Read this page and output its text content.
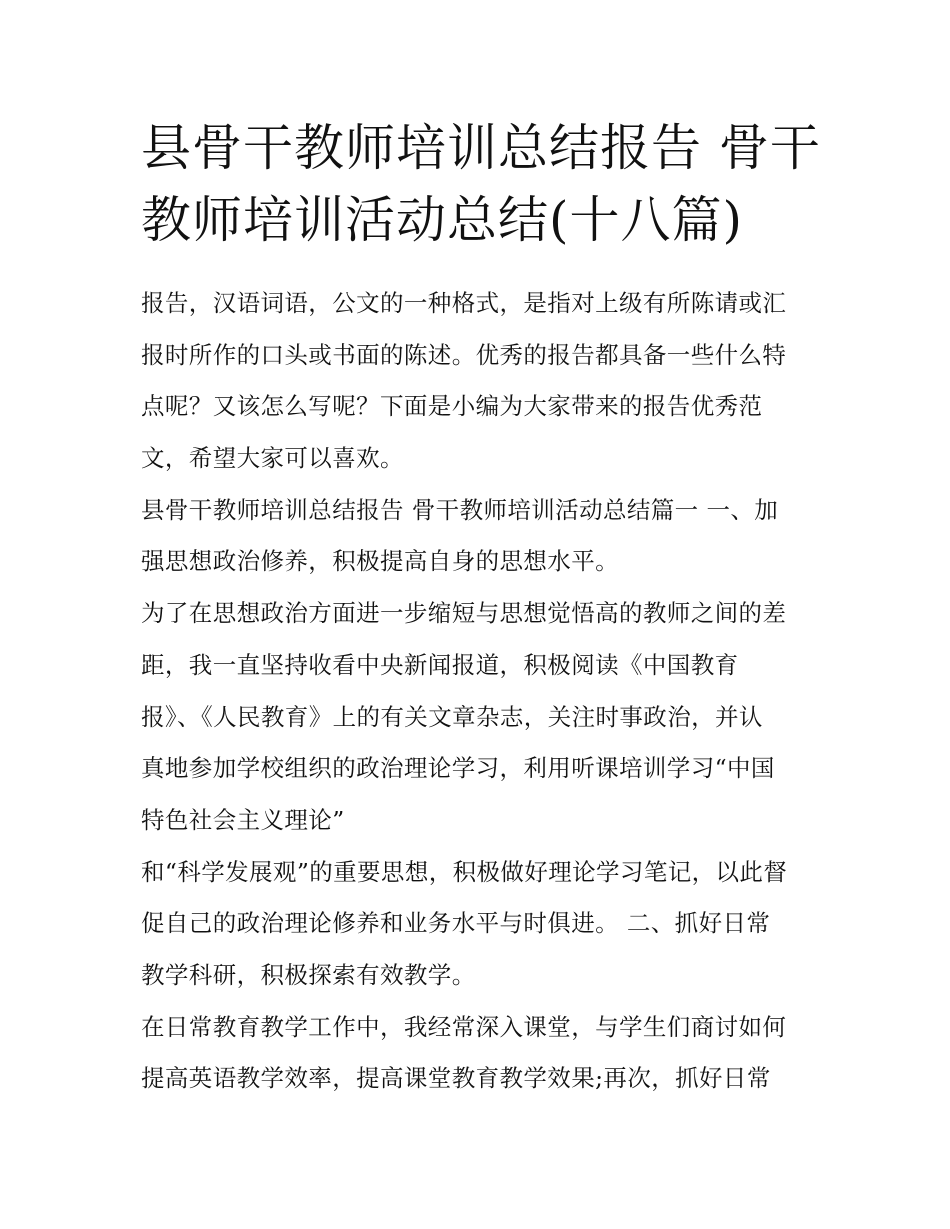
县骨干教师培训总结报告 骨干
教师培训活动总结(十八篇)
报告，汉语词语，公文的一种格式，是指对上级有所陈请或汇
报时所作的口头或书面的陈述。优秀的报告都具备一些什么特
点呢？又该怎么写呢？下面是小编为大家带来的报告优秀范
文，希望大家可以喜欢。
县骨干教师培训总结报告 骨干教师培训活动总结篇一 一、加
强思想政治修养，积极提高自身的思想水平。
为了在思想政治方面进一步缩短与思想觉悟高的教师之间的差
距，我一直坚持收看中央新闻报道，积极阅读《中国教育
报》、《人民教育》上的有关文章杂志，关注时事政治，并认
真地参加学校组织的政治理论学习，利用听课培训学习“中国
特色社会主义理论”
和“科学发展观”的重要思想，积极做好理论学习笔记，以此督
促自己的政治理论修养和业务水平与时俱进。 二、抓好日常
教学科研，积极探索有效教学。
在日常教育教学工作中，我经常深入课堂，与学生们商讨如何
提高英语教学效率，提高课堂教育教学效果;再次，抓好日常
